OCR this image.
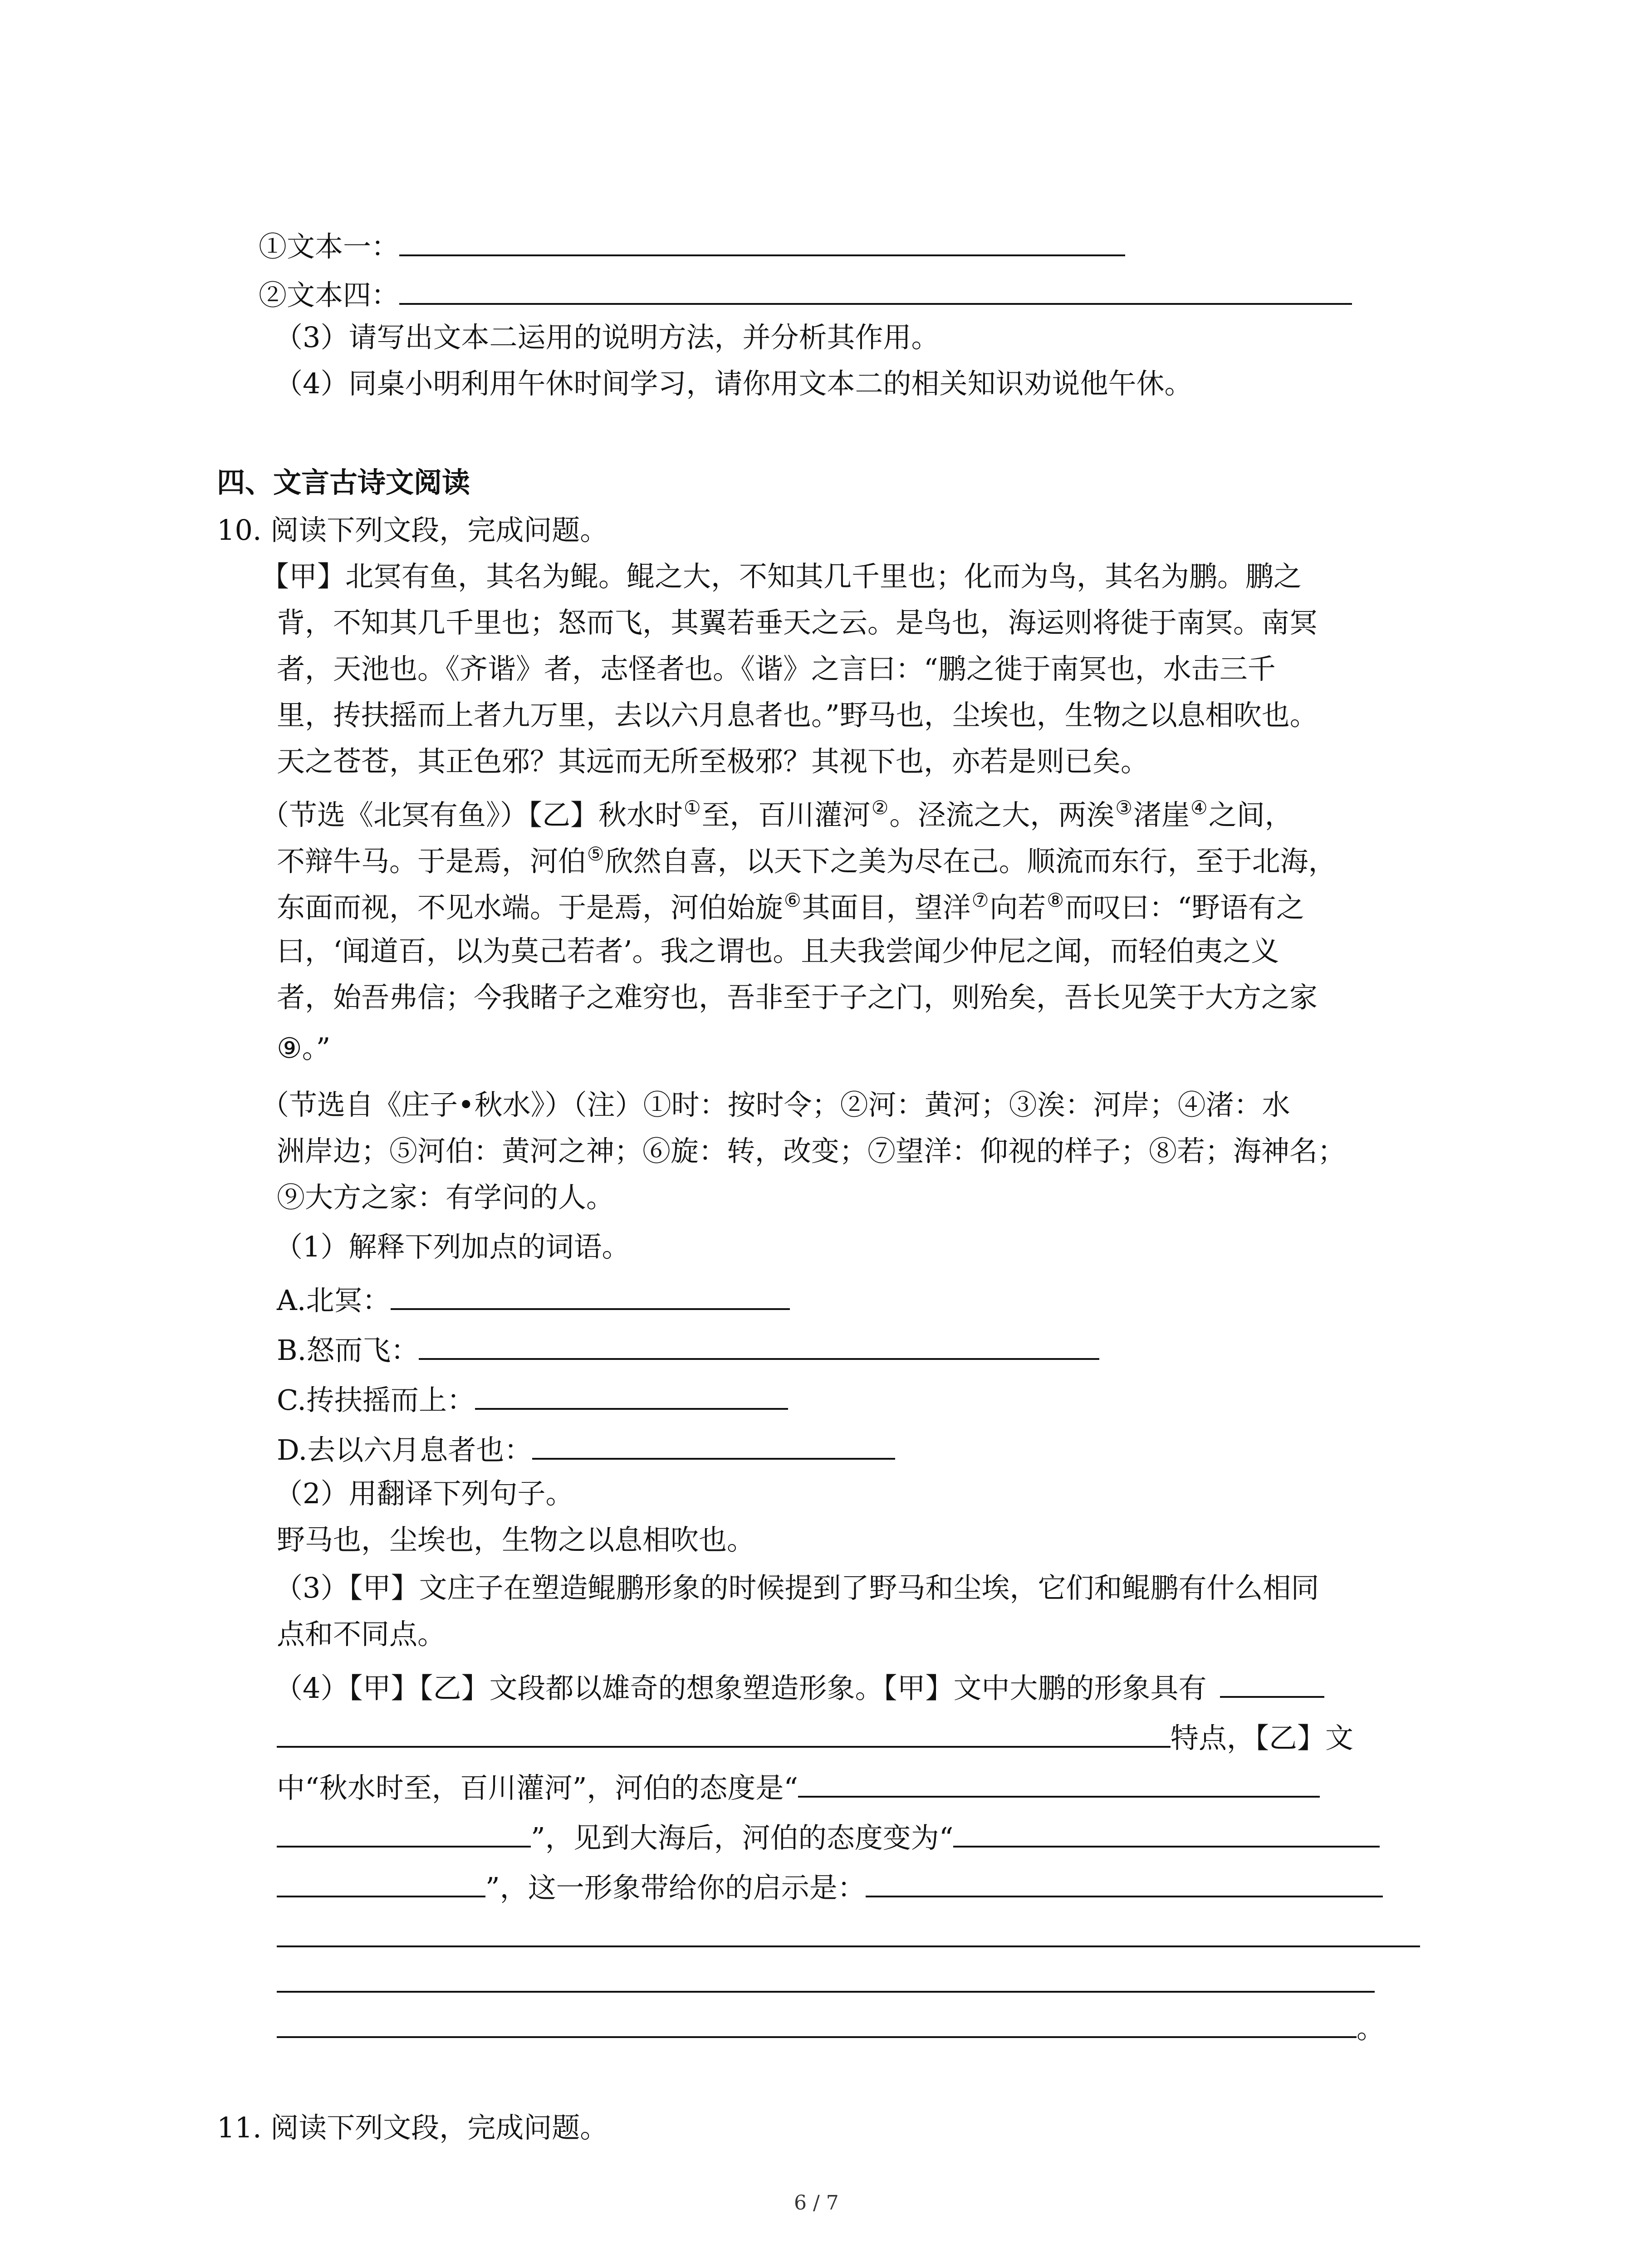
①文本一：
②文本四：
（3）请写出文本二运用的说明方法，并分析其作用。
（4）同桌小明利用午休时间学习，请你用文本二的相关知识劝说他午休。
四、文言古诗文阅读
10. 阅读下列文段，完成问题。
【甲】北冥有鱼，其名为鲲。鲲之大，不知其几千里也；化而为鸟，其名为鹏。鹏之
背，不知其几千里也；怒而飞，其翼若垂天之云。是鸟也，海运则将徙于南冥。南冥
者，天池也。《齐谐》者，志怪者也。《谐》之言曰：“鹏之徙于南冥也，水击三千
里，抟扶摇而上者九万里，去以六月息者也。”野马也，尘埃也，生物之以息相吹也。
天之苍苍，其正色邪？其远而无所至极邪？其视下也，亦若是则已矣。
（节选《北冥有鱼》）【乙】秋水时①至，百川灌河②。泾流之大，两涘③渚崖④之间，
不辩牛马。于是焉，河伯⑤欣然自喜，以天下之美为尽在己。顺流而东行，至于北海，
东面而视，不见水端。于是焉，河伯始旋⑥其面目，望洋⑦向若⑧而叹曰：“野语有之
曰，‘闻道百，以为莫己若者’。我之谓也。且夫我尝闻少仲尼之闻，而轻伯夷之义
者，始吾弗信；今我睹子之难穷也，吾非至于子之门，则殆矣，吾长见笑于大方之家
⑨。”
（节选自《庄子•秋水》）（注）①时：按时令；②河：黄河；③涘：河岸；④渚：水
洲岸边；⑤河伯：黄河之神；⑥旋：转，改变；⑦望洋：仰视的样子；⑧若；海神名；
⑨大方之家：有学问的人。
（1）解释下列加点的词语。
A.北冥：
B.怒而飞：
C.抟扶摇而上：
D.去以六月息者也：
（2）用翻译下列句子。
野马也，尘埃也，生物之以息相吹也。
（3）【甲】文庄子在塑造鲲鹏形象的时候提到了野马和尘埃，它们和鲲鹏有什么相同
点和不同点。
（4）【甲】【乙】文段都以雄奇的想象塑造形象。【甲】文中大鹏的形象具有
特点，【乙】文
中“秋水时至，百川灌河”，河伯的态度是“
”，见到大海后，河伯的态度变为“
”，这一形象带给你的启示是：
。
11. 阅读下列文段，完成问题。
6 / 7
